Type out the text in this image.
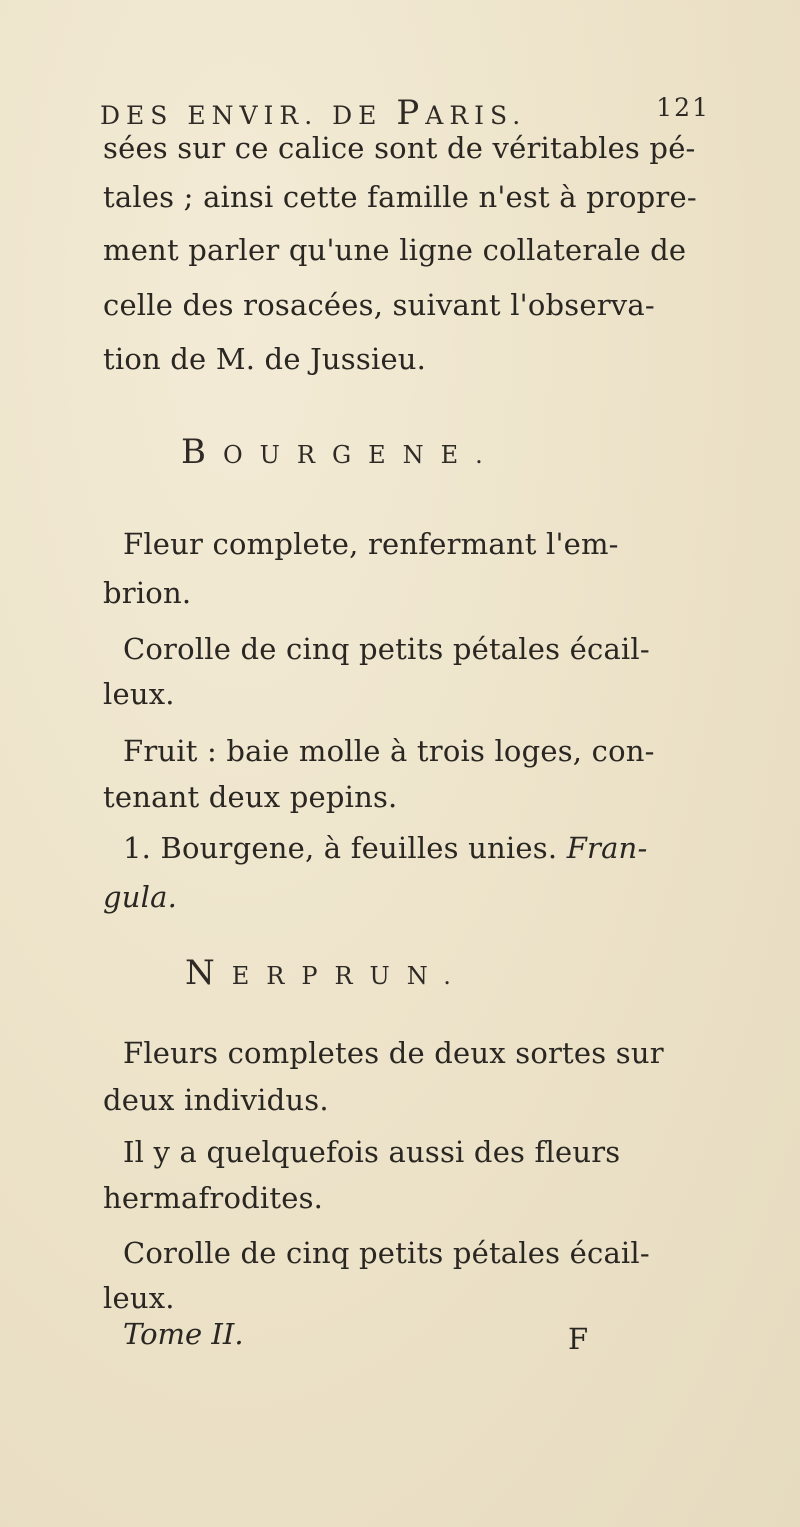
DES ENVIR. DE PARIS.	121
sées sur ce calice sont de véritables pé-
tales ; ainsi cette famille n'est à propre-
ment parler qu'une ligne collaterale de
celle des rosacées, suivant l'observa-
tion de M. de Jussieu.
BOURGENE.
Fleur complete, renfermant l'em-
brion.
Corolle de cinq petits pétales écail-
leux.
Fruit : baie molle à trois loges, con-
tenant deux pepins.
1. Bourgene, à feuilles unies. Fran-
gula.
NERPRUN.
Fleurs completes de deux sortes sur
deux individus.
Il y a quelquefois aussi des fleurs
hermafrodites.
Corolle de cinq petits pétales écail-
leux.
Tome II.	F
